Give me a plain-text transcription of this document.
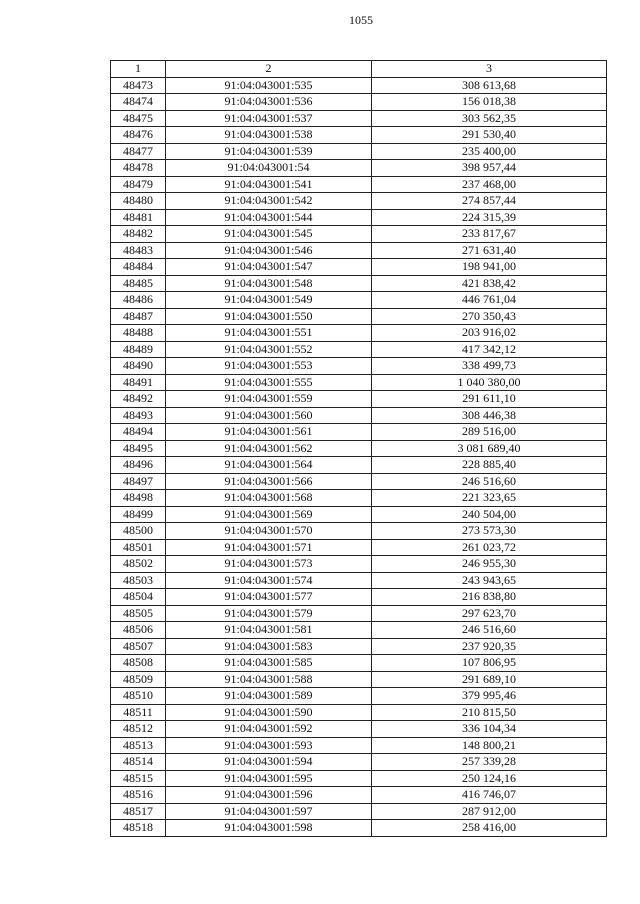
1055
1	2	3
48473	91:04:043001:535	308 613,68
48474	91:04:043001:536	156 018,38
48475	91:04:043001:537	303 562,35
48476	91:04:043001:538	291 530,40
48477	91:04:043001:539	235 400,00
48478	91:04:043001:54	398 957,44
48479	91:04:043001:541	237 468,00
48480	91:04:043001:542	274 857,44
48481	91:04:043001:544	224 315,39
48482	91:04:043001:545	233 817,67
48483	91:04:043001:546	271 631,40
48484	91:04:043001:547	198 941,00
48485	91:04:043001:548	421 838,42
48486	91:04:043001:549	446 761,04
48487	91:04:043001:550	270 350,43
48488	91:04:043001:551	203 916,02
48489	91:04:043001:552	417 342,12
48490	91:04:043001:553	338 499,73
48491	91:04:043001:555	1 040 380,00
48492	91:04:043001:559	291 611,10
48493	91:04:043001:560	308 446,38
48494	91:04:043001:561	289 516,00
48495	91:04:043001:562	3 081 689,40
48496	91:04:043001:564	228 885,40
48497	91:04:043001:566	246 516,60
48498	91:04:043001:568	221 323,65
48499	91:04:043001:569	240 504,00
48500	91:04:043001:570	273 573,30
48501	91:04:043001:571	261 023,72
48502	91:04:043001:573	246 955,30
48503	91:04:043001:574	243 943,65
48504	91:04:043001:577	216 838,80
48505	91:04:043001:579	297 623,70
48506	91:04:043001:581	246 516,60
48507	91:04:043001:583	237 920,35
48508	91:04:043001:585	107 806,95
48509	91:04:043001:588	291 689,10
48510	91:04:043001:589	379 995,46
48511	91:04:043001:590	210 815,50
48512	91:04:043001:592	336 104,34
48513	91:04:043001:593	148 800,21
48514	91:04:043001:594	257 339,28
48515	91:04:043001:595	250 124,16
48516	91:04:043001:596	416 746,07
48517	91:04:043001:597	287 912,00
48518	91:04:043001:598	258 416,00
